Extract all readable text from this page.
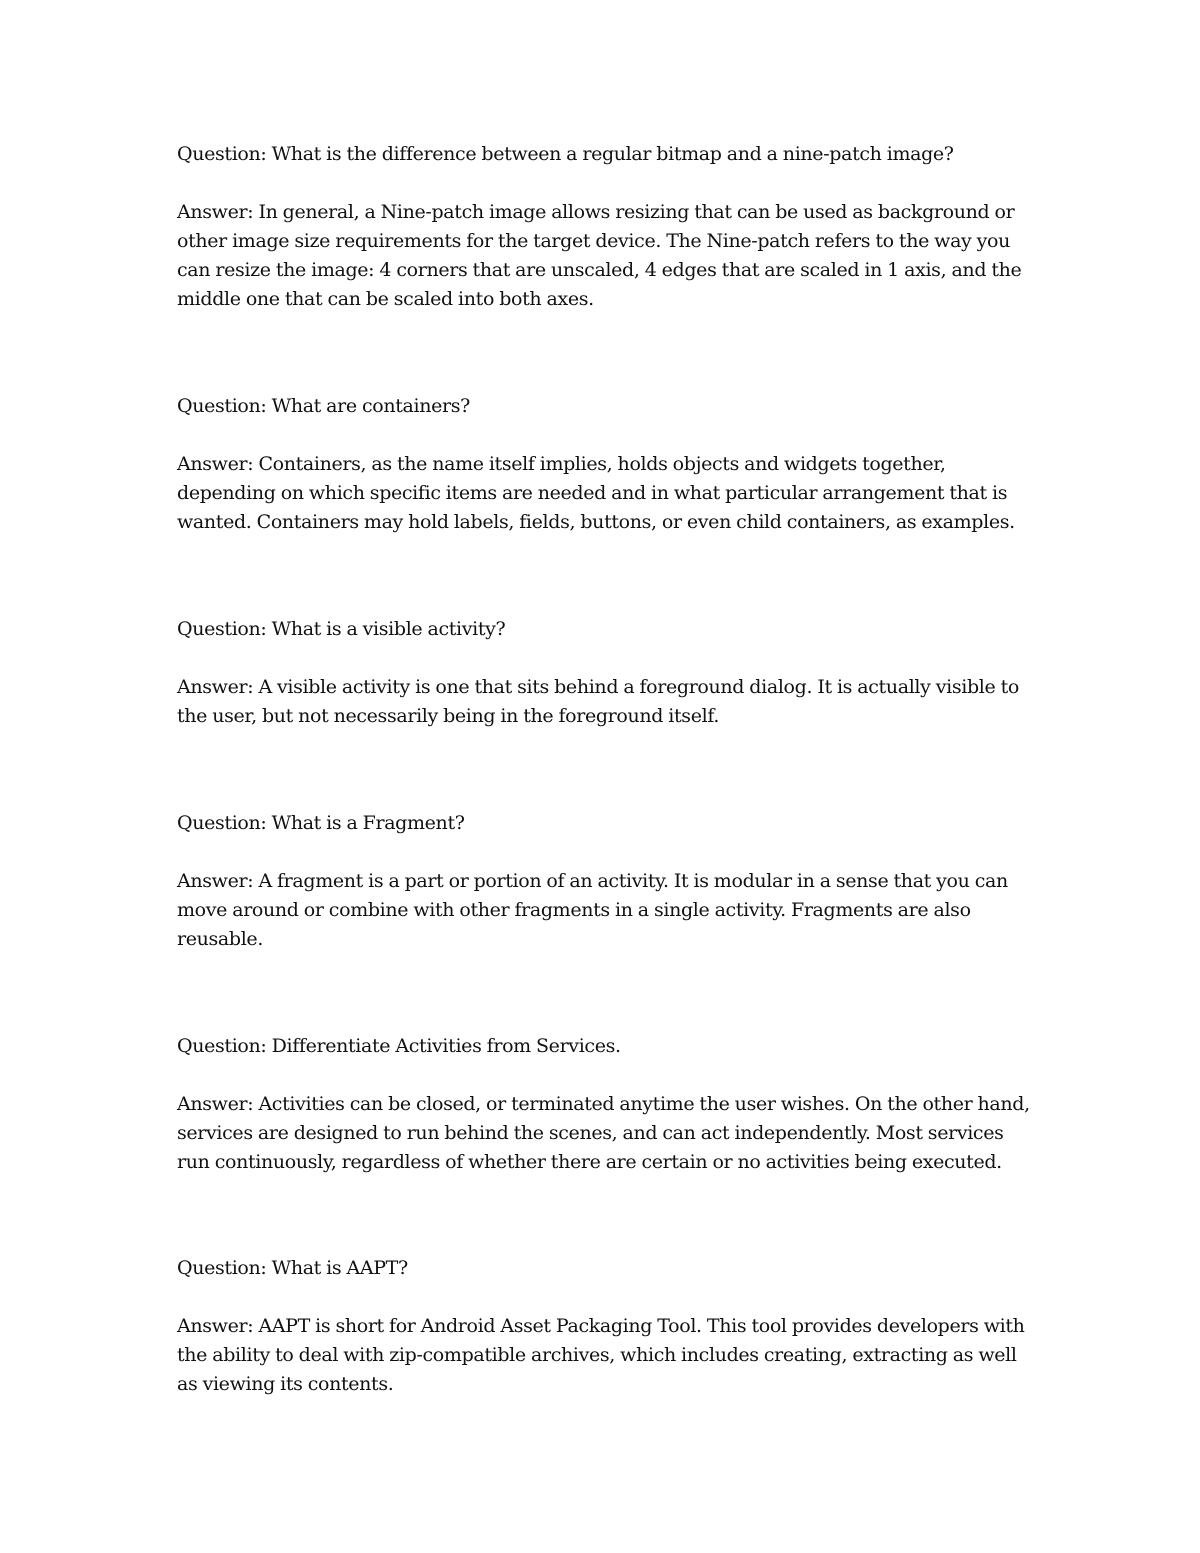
Question: What is the difference between a regular bitmap and a nine-patch image?

Answer: In general, a Nine-patch image allows resizing that can be used as background or other image size requirements for the target device. The Nine-patch refers to the way you can resize the image: 4 corners that are unscaled, 4 edges that are scaled in 1 axis, and the middle one that can be scaled into both axes.

Question: What are containers?

Answer: Containers, as the name itself implies, holds objects and widgets together, depending on which specific items are needed and in what particular arrangement that is wanted. Containers may hold labels, fields, buttons, or even child containers, as examples.

Question: What is a visible activity?

Answer: A visible activity is one that sits behind a foreground dialog. It is actually visible to the user, but not necessarily being in the foreground itself.

Question: What is a Fragment?

Answer: A fragment is a part or portion of an activity. It is modular in a sense that you can move around or combine with other fragments in a single activity. Fragments are also reusable.

Question: Differentiate Activities from Services.

Answer: Activities can be closed, or terminated anytime the user wishes. On the other hand, services are designed to run behind the scenes, and can act independently. Most services run continuously, regardless of whether there are certain or no activities being executed.

Question: What is AAPT?

Answer: AAPT is short for Android Asset Packaging Tool. This tool provides developers with the ability to deal with zip-compatible archives, which includes creating, extracting as well as viewing its contents.
